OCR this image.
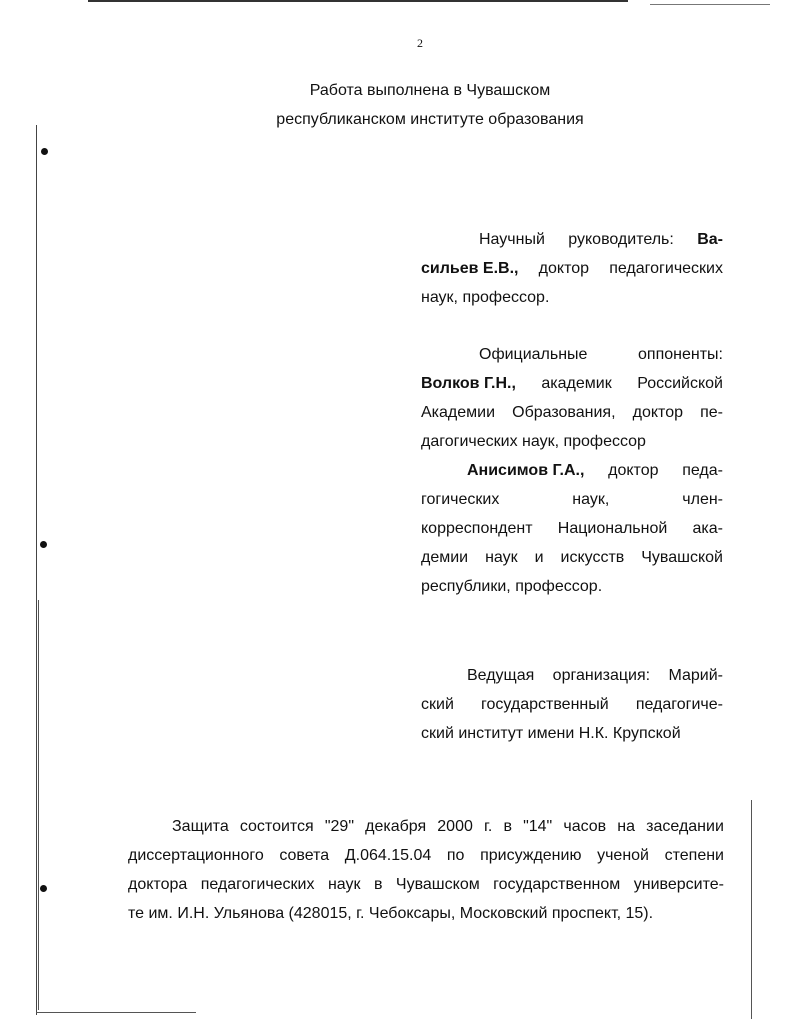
2
Работа выполнена в Чувашском
республиканском институте образования
Научный руководитель: Ва-
сильев Е.В., доктор педагогических
наук, профессор.
Официальные	оппоненты:
Волков Г.Н., академик Российской
Академии Образования, доктор пе-
дагогических наук, профессор
Анисимов Г.А., доктор педа-
гогических	наук,	член-
корреспондент Национальной ака-
демии наук и искусств Чувашской
республики, профессор.
Ведущая организация: Марий-
ский государственный педагогиче-
ский институт имени Н.К. Крупской
Защита состоится "29" декабря 2000 г. в "14" часов на заседании
диссертационного совета Д.064.15.04 по присуждению ученой степени
доктора педагогических наук в Чувашском государственном университе-
те им. И.Н. Ульянова (428015, г. Чебоксары, Московский проспект, 15).
